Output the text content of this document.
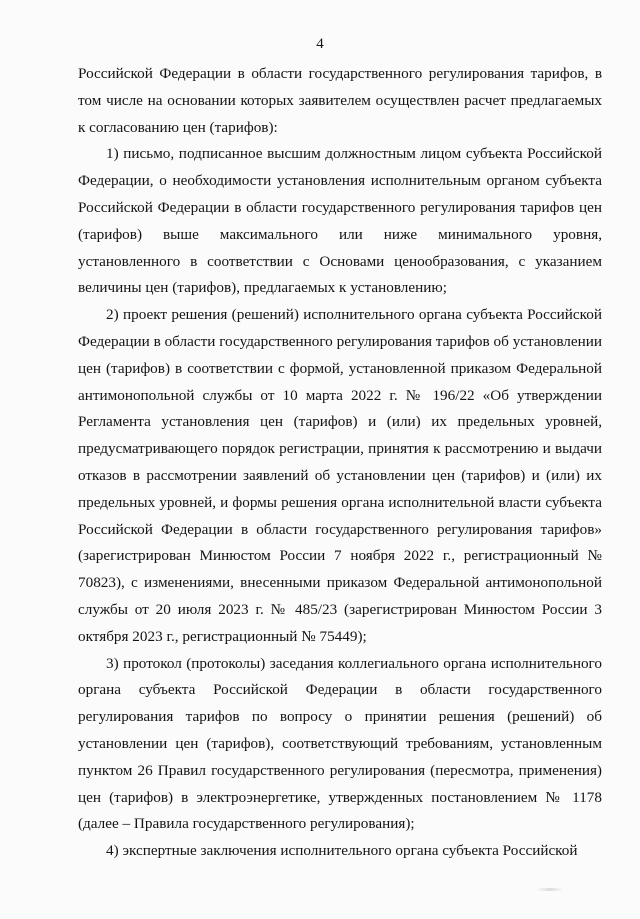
4

Российской Федерации в области государственного регулирования тарифов, в том числе на основании которых заявителем осуществлен расчет предлагаемых к согласованию цен (тарифов):

1) письмо, подписанное высшим должностным лицом субъекта Российской Федерации, о необходимости установления исполнительным органом субъекта Российской Федерации в области государственного регулирования тарифов цен (тарифов) выше максимального или ниже минимального уровня, установленного в соответствии с Основами ценообразования, с указанием величины цен (тарифов), предлагаемых к установлению;

2) проект решения (решений) исполнительного органа субъекта Российской Федерации в области государственного регулирования тарифов об установлении цен (тарифов) в соответствии с формой, установленной приказом Федеральной антимонопольной службы от 10 марта 2022 г. № 196/22 «Об утверждении Регламента установления цен (тарифов) и (или) их предельных уровней, предусматривающего порядок регистрации, принятия к рассмотрению и выдачи отказов в рассмотрении заявлений об установлении цен (тарифов) и (или) их предельных уровней, и формы решения органа исполнительной власти субъекта Российской Федерации в области государственного регулирования тарифов» (зарегистрирован Минюстом России 7 ноября 2022 г., регистрационный № 70823), с изменениями, внесенными приказом Федеральной антимонопольной службы от 20 июля 2023 г. № 485/23 (зарегистрирован Минюстом России 3 октября 2023 г., регистрационный № 75449);

3) протокол (протоколы) заседания коллегиального органа исполнительного органа субъекта Российской Федерации в области государственного регулирования тарифов по вопросу о принятии решения (решений) об установлении цен (тарифов), соответствующий требованиям, установленным пунктом 26 Правил государственного регулирования (пересмотра, применения) цен (тарифов) в электроэнергетике, утвержденных постановлением № 1178 (далее – Правила государственного регулирования);

4) экспертные заключения исполнительного органа субъекта Российской
